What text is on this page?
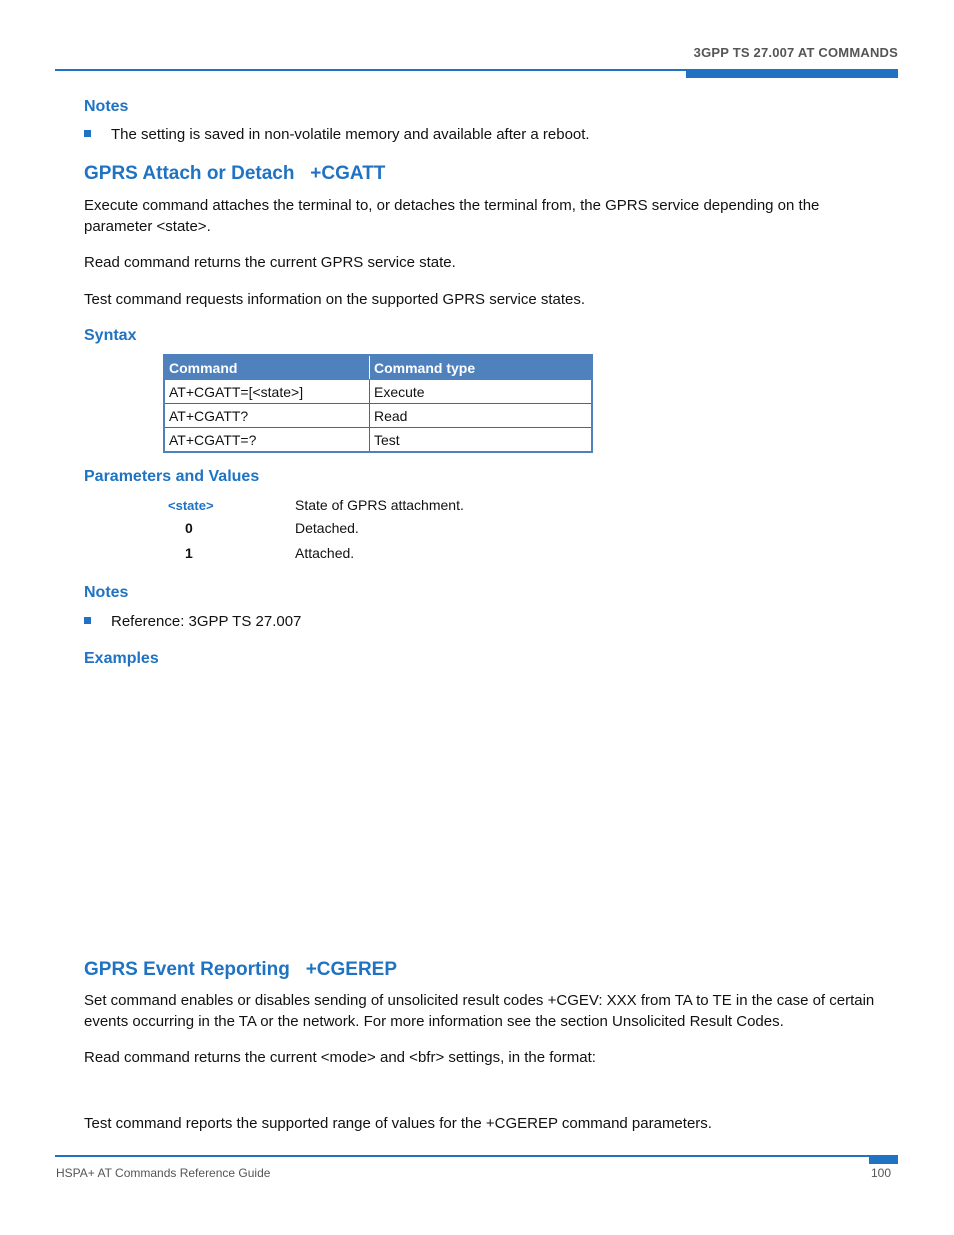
3GPP TS 27.007 AT COMMANDS
Notes
The setting is saved in non-volatile memory and available after a reboot.
GPRS Attach or Detach   +CGATT
Execute command attaches the terminal to, or detaches the terminal from, the GPRS service depending on the parameter <state>.
Read command returns the current GPRS service state.
Test command requests information on the supported GPRS service states.
Syntax
Command	Command type
AT+CGATT=[<state>]	Execute
AT+CGATT?	Read
AT+CGATT=?	Test
Parameters and Values
<state>	State of GPRS attachment.
0	Detached.
1	Attached.
Notes
Reference: 3GPP TS 27.007
Examples
GPRS Event Reporting   +CGEREP
Set command enables or disables sending of unsolicited result codes +CGEV: XXX from TA to TE in the case of certain events occurring in the TA or the network. For more information see the section Unsolicited Result Codes.
Read command returns the current <mode> and <bfr> settings, in the format:
Test command reports the supported range of values for the +CGEREP command parameters.
HSPA+ AT Commands Reference Guide	100
